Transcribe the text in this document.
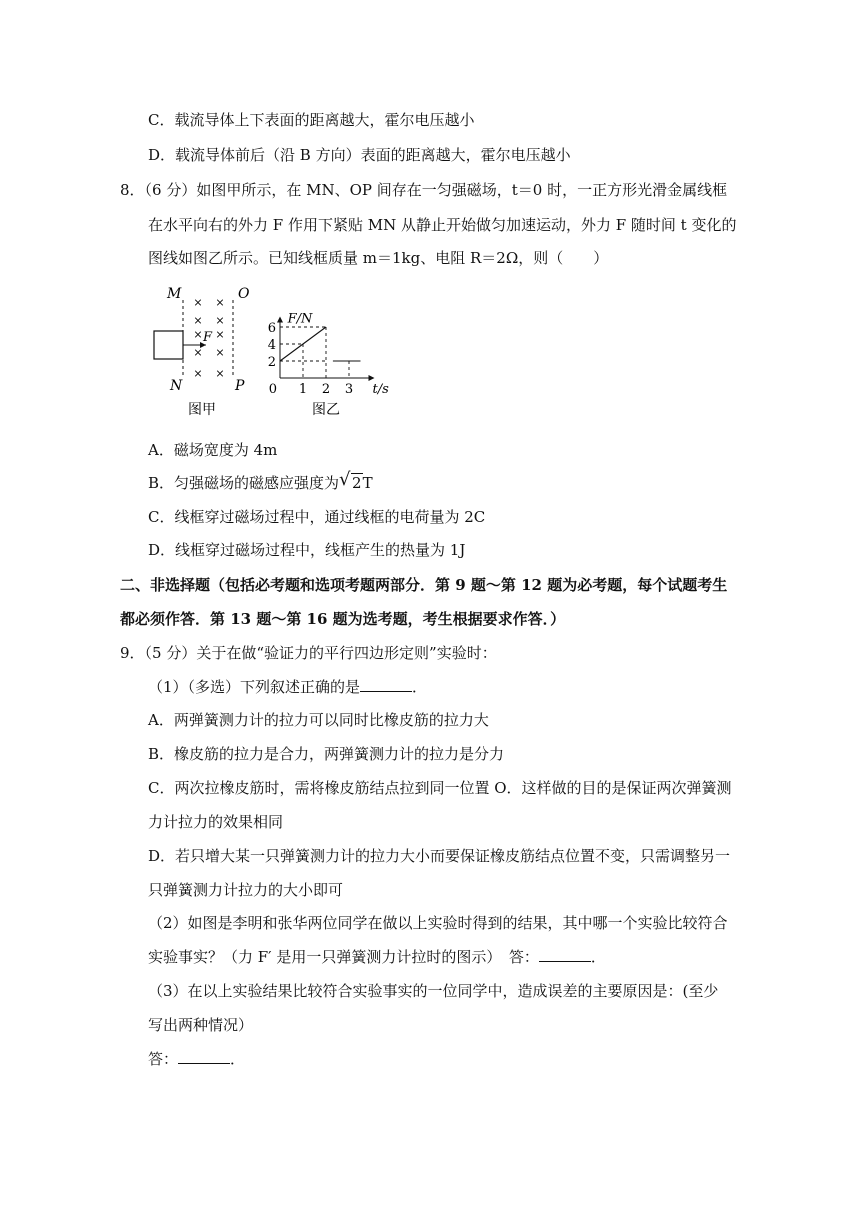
C．载流导体上下表面的距离越大，霍尔电压越小
D．载流导体前后（沿 B 方向）表面的距离越大，霍尔电压越小
8．（6 分）如图甲所示，在 MN、OP 间存在一匀强磁场，t＝0 时，一正方形光滑金属线框
在水平向右的外力 F 作用下紧贴 MN 从静止开始做匀加速运动，外力 F 随时间 t 变化的
图线如图乙所示。已知线框质量 m＝1kg、电阻 R＝2Ω，则（　　）
M	O
N	P
F
× ×
× ×
× ×
× ×
× ×
图甲
F/N
t/s
0
2
4
6
1 2 3
图乙
A．磁场宽度为 4m
B．匀强磁场的磁感应强度为 √ 2T
C．线框穿过磁场过程中，通过线框的电荷量为 2C
D．线框穿过磁场过程中，线框产生的热量为 1J
二、非选择题（包括必考题和选项考题两部分．第 9 题～第 12 题为必考题，每个试题考生
都必须作答．第 13 题～第 16 题为选考题，考生根据要求作答．）
9．（5 分）关于在做“验证力的平行四边形定则”实验时：
（1）（多选）下列叙述正确的是	．
A．两弹簧测力计的拉力可以同时比橡皮筋的拉力大
B．橡皮筋的拉力是合力，两弹簧测力计的拉力是分力
C．两次拉橡皮筋时，需将橡皮筋结点拉到同一位置 O．这样做的目的是保证两次弹簧测
力计拉力的效果相同
D．若只增大某一只弹簧测力计的拉力大小而要保证橡皮筋结点位置不变，只需调整另一
只弹簧测力计拉力的大小即可
（2）如图是李明和张华两位同学在做以上实验时得到的结果，其中哪一个实验比较符合
实验事实？（力 F′ 是用一只弹簧测力计拉时的图示）　答：	．
（3）在以上实验结果比较符合实验事实的一位同学中，造成误差的主要原因是：(至少
写出两种情况）
答：	．
